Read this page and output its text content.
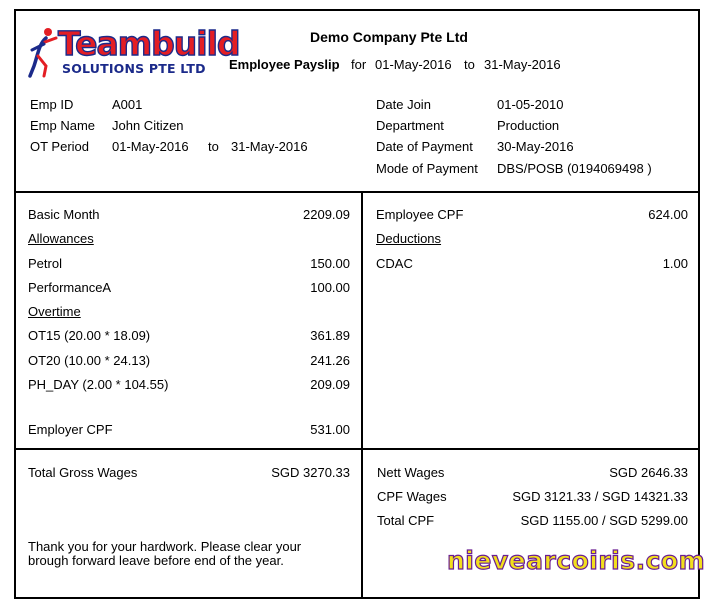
Teambuild
SOLUTIONS PTE LTD
Demo Company Pte Ltd
Employee Payslip for 01-May-2016 to 31-May-2016
Emp ID	A001
Emp Name John Citizen
OT Period 01-May-2016 to 31-May-2016
Date Join	01-05-2010
Department	Production
Date of Payment 30-May-2016
Mode of Payment DBS/POSB (0194069498 )
Basic Month	2209.09
Allowances
Petrol	150.00
PerformanceA	100.00
Overtime
OT15 (20.00 * 18.09)	361.89
OT20 (10.00 * 24.13)	241.26
PH_DAY (2.00 * 104.55)	209.09
Employer CPF	531.00
Employee CPF	624.00
Deductions
CDAC	1.00
Total Gross Wages	SGD 3270.33
Thank you for your hardwork. Please clear your
brough forward leave before end of the year.
Nett Wages	SGD 2646.33
CPF Wages	SGD 3121.33 / SGD 14321.33
Total CPF	SGD 1155.00 / SGD 5299.00
nievearcoiris.com
